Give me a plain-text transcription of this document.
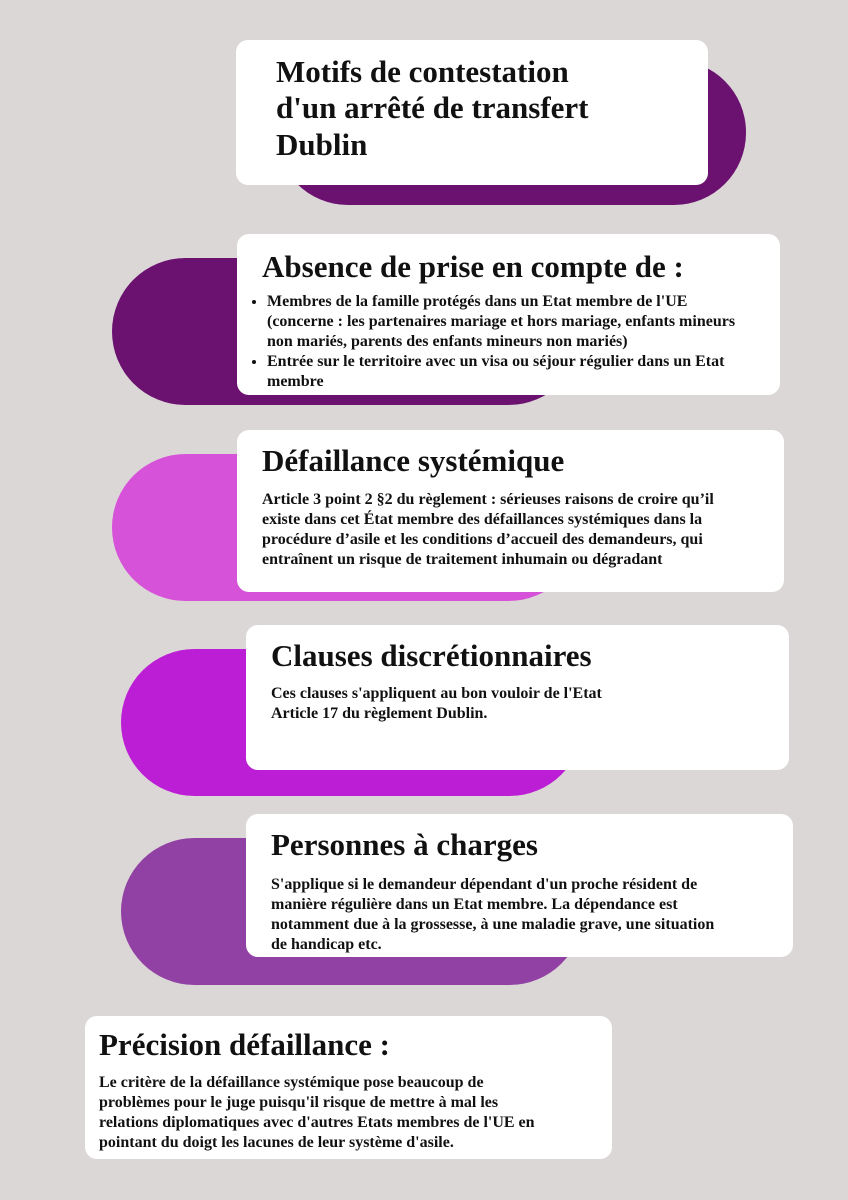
Motifs de contestation
d'un arrêté de transfert
Dublin
Absence de prise en compte de :
• Membres de la famille protégés dans un Etat membre de l'UE
(concerne : les partenaires mariage et hors mariage, enfants mineurs
non mariés, parents des enfants mineurs non mariés)
• Entrée sur le territoire avec un visa ou séjour régulier dans un Etat
membre
Défaillance systémique

Article 3 point 2 §2 du règlement : sérieuses raisons de croire qu’il
existe dans cet État membre des défaillances systémiques dans la
procédure d’asile et les conditions d’accueil des demandeurs, qui
entraînent un risque de traitement inhumain ou dégradant

Clauses discrétionnaires

Ces clauses s'appliquent au bon vouloir de l'Etat
Article 17 du règlement Dublin.

Personnes à charges

S'applique si le demandeur dépendant d'un proche résident de
manière régulière dans un Etat membre. La dépendance est
notamment due à la grossesse, à une maladie grave, une situation
de handicap etc.

Précision défaillance :

Le critère de la défaillance systémique pose beaucoup de
problèmes pour le juge puisqu'il risque de mettre à mal les
relations diplomatiques avec d'autres Etats membres de l'UE en
pointant du doigt les lacunes de leur système d'asile.
